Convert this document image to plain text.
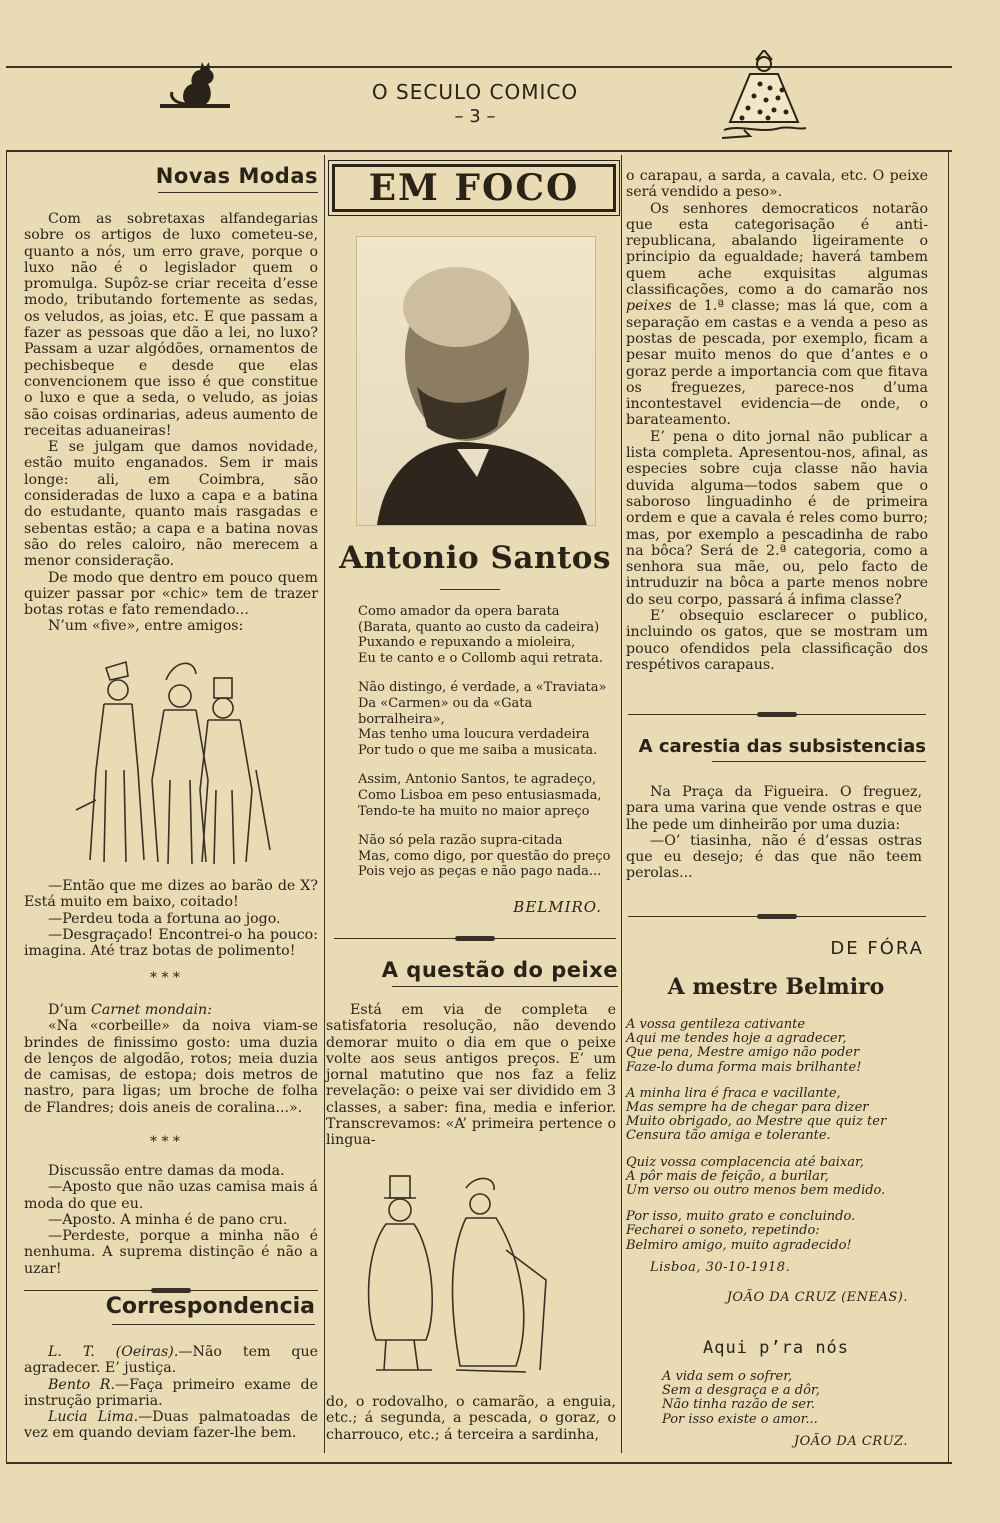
O SECULO COMICO
– 3 –
Novas Modas

Com as sobretaxas alfandegarias sobre os artigos de luxo cometeu-se, quanto a nós, um erro grave, porque o luxo não é o legislador quem o promulga. Supôz-se criar receita d’esse modo, tributando fortemente as sedas, os veludos, as joias, etc. E que passam a fazer as pessoas que dão a lei, no luxo? Passam a uzar algódões, ornamentos de pechisbeque e desde que elas convencionem que isso é que constitue o luxo e que a seda, o veludo, as joias são coisas ordinarias, adeus aumento de receitas aduaneiras!

E se julgam que damos novidade, estão muito enganados. Sem ir mais longe: ali, em Coimbra, são consideradas de luxo a capa e a batina do estudante, quanto mais rasgadas e sebentas estão; a capa e a batina novas são do reles caloiro, não merecem a menor consideração.

De modo que dentro em pouco quem quizer passar por «chic» tem de trazer botas rotas e fato remendado...

N’um «five», entre amigos:

—Então que me dizes ao barão de X? Está muito em baixo, coitado!

—Perdeu toda a fortuna ao jogo.

—Desgraçado! Encontrei-o ha pouco: imagina. Até traz botas de polimento!

* * *

D’um Carnet mondain:

«Na «corbeille» da noiva viam-se brindes de finissimo gosto: uma duzia de lenços de algodão, rotos; meia duzia de camisas, de estopa; dois metros de nastro, para ligas; um broche de folha de Flandres; dois aneis de coralina...».

* * *

Discussão entre damas da moda.

—Aposto que não uzas camisa mais á moda do que eu.

—Aposto. A minha é de pano cru.

—Perdeste, porque a minha não é nenhuma. A suprema distinção é não a uzar!

Correspondencia

L. T. (Oeiras).—Não tem que agradecer. E’ justiça.

Bento R.—Faça primeiro exame de instrução primaria.

Lucia Lima.—Duas palmatoadas de vez em quando deviam fazer-lhe bem.

EM FOCO
Antonio Santos

Como amador da opera barata
(Barata, quanto ao custo da cadeira)
Puxando e repuxando a mioleira,
Eu te canto e o Collomb aqui retrata.

Não distingo, é verdade, a «Traviata»
Da «Carmen» ou da «Gata borralheira»,
Mas tenho uma loucura verdadeira
Por tudo o que me saiba a musicata.

Assim, Antonio Santos, te agradeço,
Como Lisboa em peso entusiasmada,
Tendo-te ha muito no maior apreço

Não só pela razão supra-citada
Mas, como digo, por questão do preço
Pois vejo as peças e não pago nada...

BELMIRO.
A questão do peixe

Está em via de completa e satisfatoria resolução, não devendo demorar muito o dia em que o peixe volte aos seus antigos preços. E’ um jornal matutino que nos faz a feliz revelação: o peixe vai ser dividido em 3 classes, a saber: fina, media e inferior. Transcrevamos: «A’ primeira pertence o lingua-

do, o rodovalho, o camarão, a enguia, etc.; á segunda, a pescada, o goraz, o charrouco, etc.; á terceira a sardinha,

o carapau, a sarda, a cavala, etc. O peixe será vendido a peso».

Os senhores democraticos notarão que esta categorisação é anti-republicana, abalando ligeiramente o principio da egualdade; haverá tambem quem ache exquisitas algumas classificações, como a do camarão nos peixes de 1.ª classe; mas lá que, com a separação em castas e a venda a peso as postas de pescada, por exemplo, ficam a pesar muito menos do que d’antes e o goraz perde a importancia com que fitava os freguezes, parece-nos d’uma incontestavel evidencia—de onde, o barateamento.

E’ pena o dito jornal não publicar a lista completa. Apresentou-nos, afinal, as especies sobre cuja classe não havia duvida alguma—todos sabem que o saboroso linguadinho é de primeira ordem e que a cavala é reles como burro; mas, por exemplo a pescadinha de rabo na bôca? Será de 2.ª categoria, como a senhora sua mãe, ou, pelo facto de intruduzir na bôca a parte menos nobre do seu corpo, passará á infima classe?

E’ obsequio esclarecer o publico, incluindo os gatos, que se mostram um pouco ofendidos pela classificação dos respétivos carapaus.

A carestia das subsistencias

Na Praça da Figueira. O freguez, para uma varina que vende ostras e que lhe pede um dinheirão por uma duzia:

—O’ tiasinha, não é d’essas ostras que eu desejo; é das que não teem perolas...

DE FÓRA
A mestre Belmiro

A vossa gentileza cativante
Aqui me tendes hoje a agradecer,
Que pena, Mestre amigo não poder
Faze-lo duma forma mais brilhante!

A minha lira é fraca e vacillante,
Mas sempre ha de chegar para dizer
Muito obrigado, ao Mestre que quiz ter
Censura tão amiga e tolerante.

Quiz vossa complacencia até baixar,
A pôr mais de feição, a burilar,
Um verso ou outro menos bem medido.

Por isso, muito grato e concluindo.
Fecharei o soneto, repetindo:
Belmiro amigo, muito agradecido!

Lisboa, 30-10-1918.
JOÃO DA CRUZ (ENEAS).
Aqui p’ra nós
A vida sem o sofrer,
Sem a desgraça e a dôr,
Não tinha razão de ser.
Por isso existe o amor...
JOÃO DA CRUZ.
